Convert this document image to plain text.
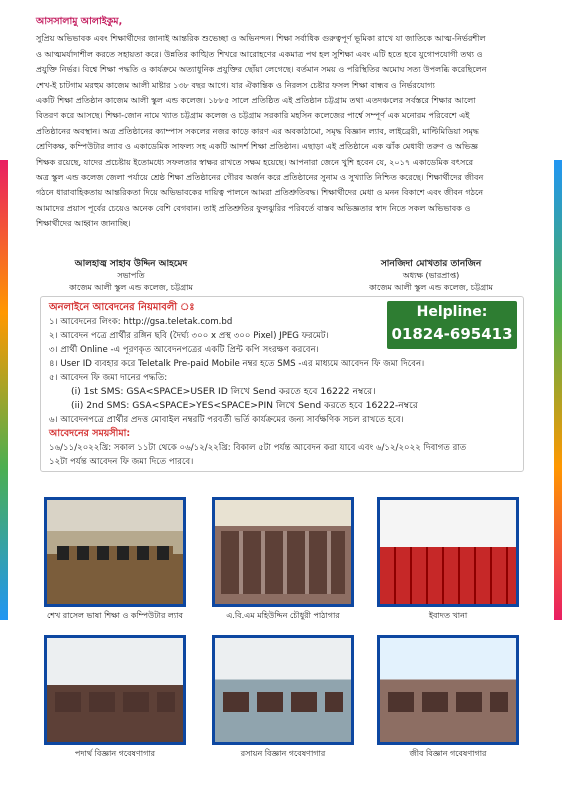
আসসালামু আলাইকুম,
সুপ্রিয় অভিভাবক এবং শিক্ষার্থীদের জানাই আন্তরিক শুভেচ্ছা ও অভিনন্দন। শিক্ষা সর্বাধিক গুরুত্বপূর্ণ ভূমিকা রাখে যা জাতিকে আত্ম-নির্ভরশীল
ও আত্মমর্যাদাশীল করতে সহায়তা করে। উন্নতির কাঙ্খিত শিখরে আরোহণের একমাত্র পথ হল সুশিক্ষা এবং এটি হতে হবে যুগোপযোগী তথ্য ও
প্রযুক্তি নির্ভর। বিশ্বে শিক্ষা পদ্ধতি ও কার্যক্রমে অত্যাধুনিক প্রযুক্তির ছোঁয়া লেগেছে। বর্তমান সময় ও পরিস্থিতির অমোঘ সত্য উপলব্ধি করেছিলেন
শেখ-ই চাটগাম মরহুম কাজেম আলী মাষ্টার ১৩৮ বছর আগে। যার ঐকান্তিক ও নিরলস চেষ্টার ফসল শিক্ষা বান্ধব ও নির্ভরযোগ্য
একটি শিক্ষা প্রতিষ্ঠান কাজেম আলী স্কুল এন্ড কলেজ। ১৮৮৫ সালে প্রতিষ্ঠিত এই প্রতিষ্ঠান চট্টগ্রাম তথা এতদঞ্চলের সর্বস্তরে শিক্ষার আলো
বিতরণ করে আসছে। শিক্ষা-জোন নামে খ্যাত চট্টগ্রাম কলেজ ও চট্টগ্রাম সরকারি মহসিন কলেজের পার্শ্বে সম্পূর্ণ এক মনোরম পরিবেশে এই
প্রতিষ্ঠানের অবস্থান। অত্র প্রতিষ্ঠানের ক্যাম্পাস সকলের নজর কাড়ে কারণ এর অবকাঠামো, সমৃদ্ধ বিজ্ঞান ল্যাব, লাইব্রেরী, মাল্টিমিডিয়া সমৃদ্ধ
শ্রেণিকক্ষ, কম্পিউটার ল্যাব ও একাডেমিক সাফল্য সহ একটি আদর্শ শিক্ষা প্রতিষ্ঠান। এছাড়া এই প্রতিষ্ঠানে এক ঝাঁক মেধাবী তরুণ ও অভিজ্ঞ
শিক্ষক রয়েছে, যাদের প্রচেষ্টায় ইতোমধ্যে সফলতার স্বাক্ষর রাখতে সক্ষম হয়েছে। আপনারা জেনে খুশি হবেন যে, ২০১৭ একাডেমিক বৎসরে
অত্র স্কুল এন্ড কলেজ জেলা পর্যায়ে শ্রেষ্ঠ শিক্ষা প্রতিষ্ঠানের গৌরব অর্জন করে প্রতিষ্ঠানের সুনাম ও সুখ্যাতি নিশ্চিত করেছে। শিক্ষার্থীদের জীবন
গঠনে ধারাবাহিকতায় আন্তরিকতা দিয়ে অভিভাবকের দায়িত্ব পালনে আমরা প্রতিশ্রুতিবদ্ধ। শিক্ষার্থীদের মেধা ও মনন বিকাশে এবং জীবন গঠনে
আমাদের প্রয়াস পূর্বের চেয়েও অনেক বেশি বেগবান। তাই প্রতিশ্রুতির ফুলঝুরির পরিবর্তে বাস্তব অভিজ্ঞতার স্বাদ নিতে সকল অভিভাবক ও
শিক্ষার্থীদের আহ্বান জানাচ্ছি।
আলহাজ্ব সাহাব উদ্দিন আহমেদ
সভাপতি
কাজেম আলী স্কুল এন্ড কলেজ, চট্টগ্রাম
সানজিদা মোখতার তানজিন
অধ্যক্ষ (ভারপ্রাপ্ত)
কাজেম আলী স্কুল এন্ড কলেজ, চট্টগ্রাম
অনলাইনে আবেদনের নিয়মাবলী ঃ	Helpline:
01824-695413
১। আবেদনের লিংক: http://gsa.teletak.com.bd
২। আবেদন পত্রে প্রার্থীর রঙ্গিন ছবি (দৈর্ঘ্য ৩০০ x প্রস্থ ৩০০ Pixel) JPEG ফরমেট।
৩। প্রার্থী Online -এ পূরণকৃত আবেদনপত্রের একটি প্রিন্ট কপি সংরক্ষণ করবেন।
৪। User ID ব্যবহার করে Teletalk Pre-paid Mobile নম্বর হতে SMS -এর মাধ্যমে আবেদন ফি জমা দিবেন।
৫। আবেদন ফি জমা দানের পদ্ধতি:
(i) 1st SMS: GSA<SPACE>USER ID লিখে Send করতে হবে 16222 নম্বরে।
(ii) 2nd SMS: GSA<SPACE>YES<SPACE>PIN লিখে Send করতে হবে 16222-নম্বরে
৬। আবেদনপত্রে প্রার্থীর প্রদত্ত মোবাইল নম্বরটি পরবর্তী ভর্তি কার্যক্রমের জন্য সার্বক্ষণিক সচল রাখতে হবে।
আবেদনের সময়সীমা:
১৬/১১/২০২২খ্রি: সকাল ১১টা থেকে ০৬/১২/২২খ্রি: বিকাল ৫টা পর্যন্ত আবেদন করা যাবে এবং ৬/১২/২০২২ দিবাগত রাত
১২টা পর্যন্ত আবেদন ফি জমা দিতে পারবে।
শেখ রাসেল ভাষা শিক্ষা ও কম্পিউটার ল্যাব	এ.বি.এম মহিউদ্দিন চৌধুরী পাঠাগার	ইবাদত খানা
পদার্থ বিজ্ঞান গবেষণাগার	রসায়ন বিজ্ঞান গবেষণাগার	জীব বিজ্ঞান গবেষণাগার
